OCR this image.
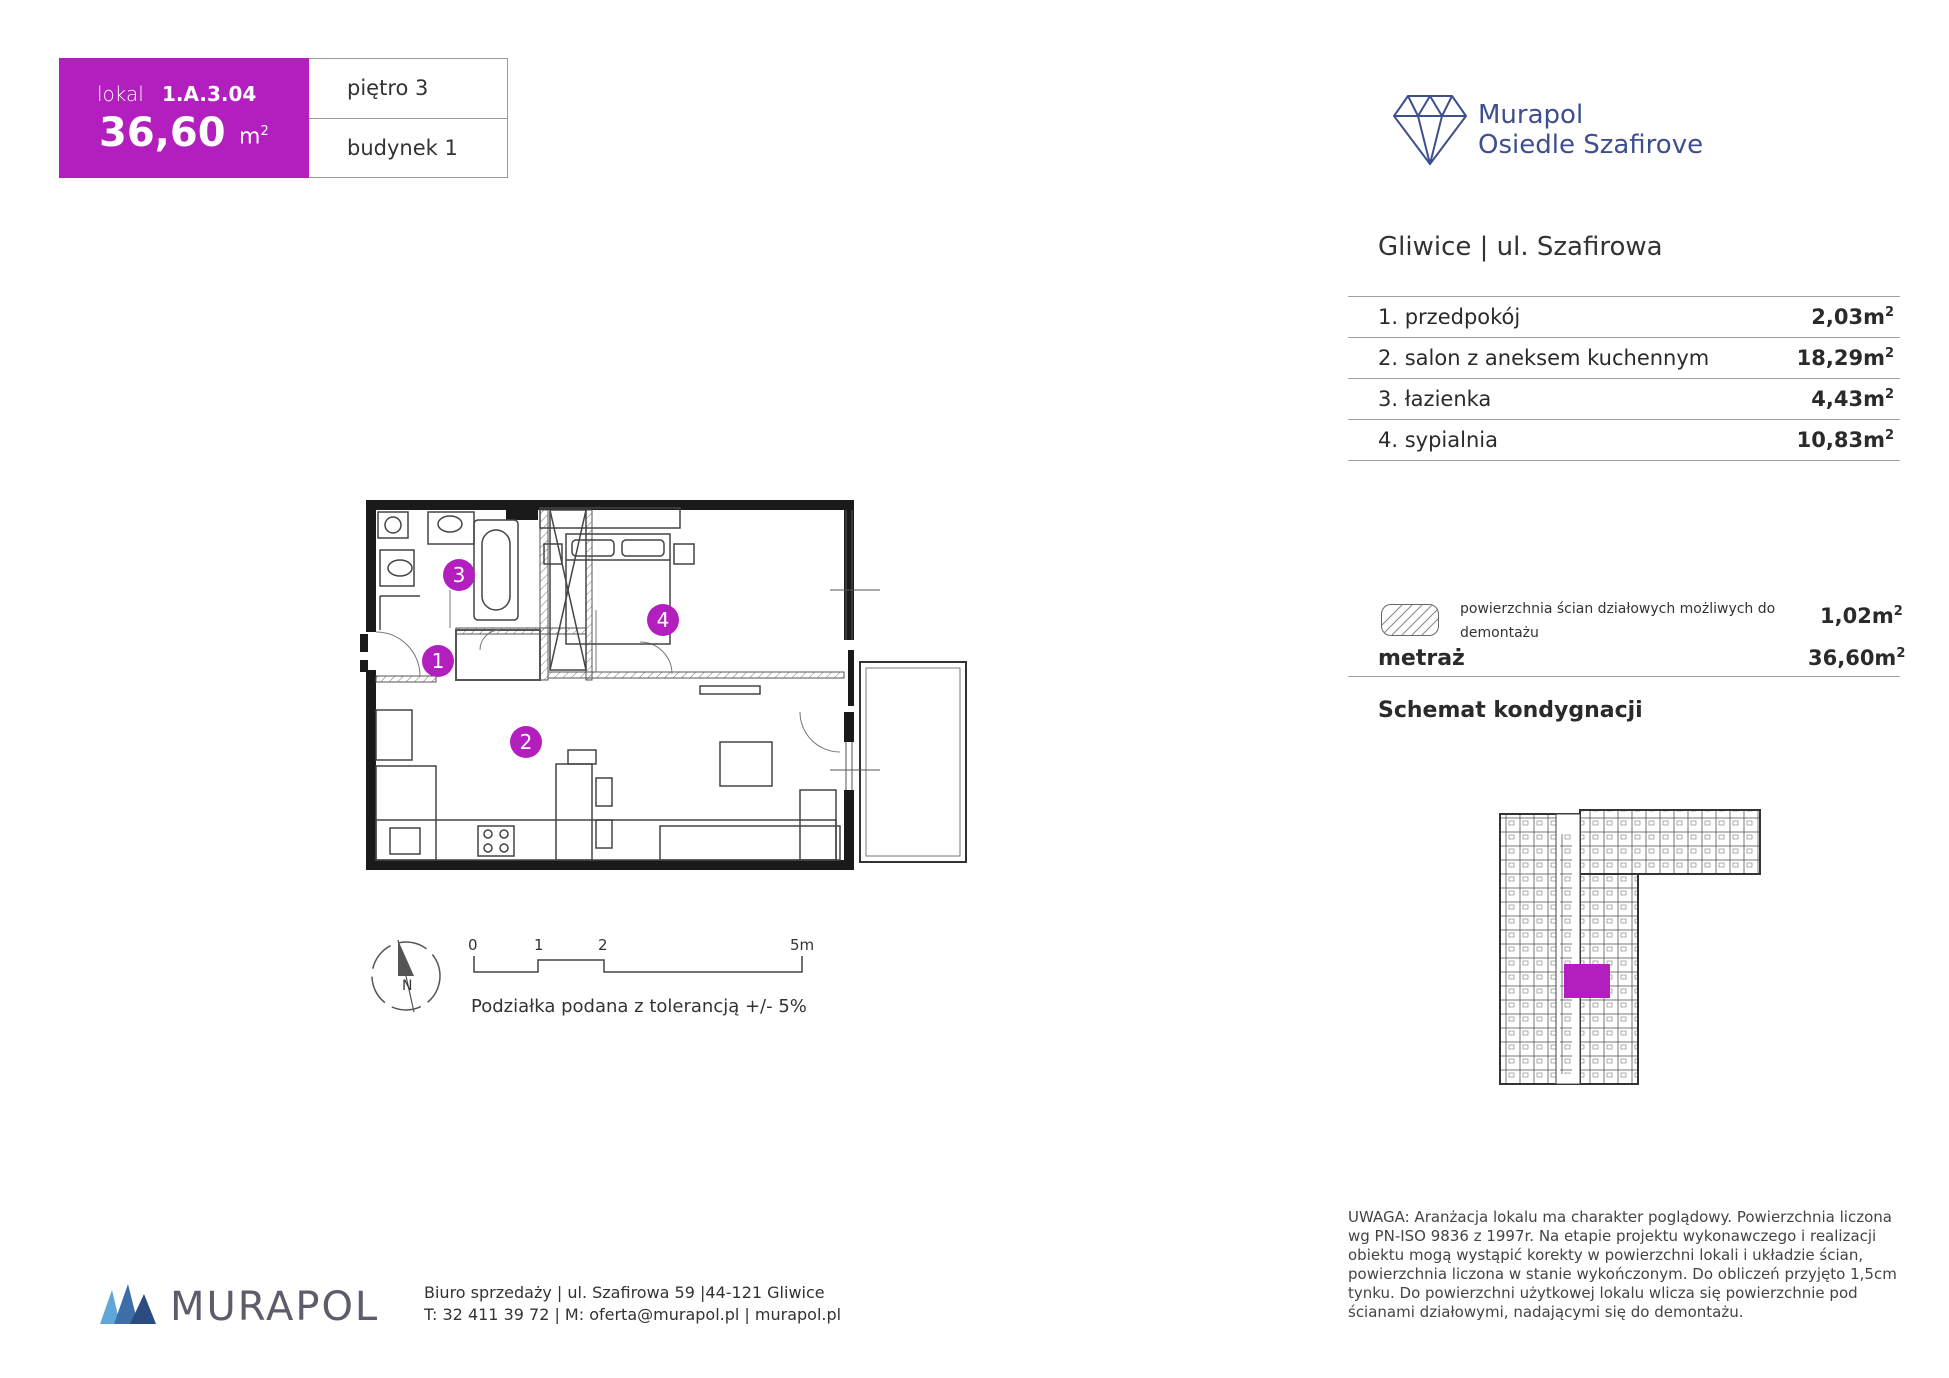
lokal 1.A.3.04
36,60 $m^2$
piętro 3
budynek 1
Murapol
Osiedle Szafirove
Gliwice | ul. Szafirowa
1. przedpokój	$2,03m^2$
2. salon z aneksem kuchennym	$18,29m^2$
3. łazienka	$4,43m^2$
4. sypialnia	$10,83m^2$
powierzchnia ścian działowych możliwych do demontażu
$1,02m^2$
metraż	$36,60m^2$
Schemat kondygnacji
1
2
3
4
N
0	1	2	5m
Podziałka podana z tolerancją +/- 5%
UWAGA: Aranżacja lokalu ma charakter poglądowy. Powierzchnia liczona wg PN-ISO 9836 z 1997r. Na etapie projektu wykonawczego i realizacji obiektu mogą wystąpić korekty w powierzchni lokali i układzie ścian, powierzchnia liczona w stanie wykończonym. Do obliczeń przyjęto 1,5cm tynku. Do powierzchni użytkowej lokalu wlicza się powierzchnie pod ścianami działowymi, nadającymi się do demontażu.
MURAPOL	Biuro sprzedaży | ul. Szafirowa 59 |44-121 Gliwice
T: 32 411 39 72 | M: oferta@murapol.pl | murapol.pl
